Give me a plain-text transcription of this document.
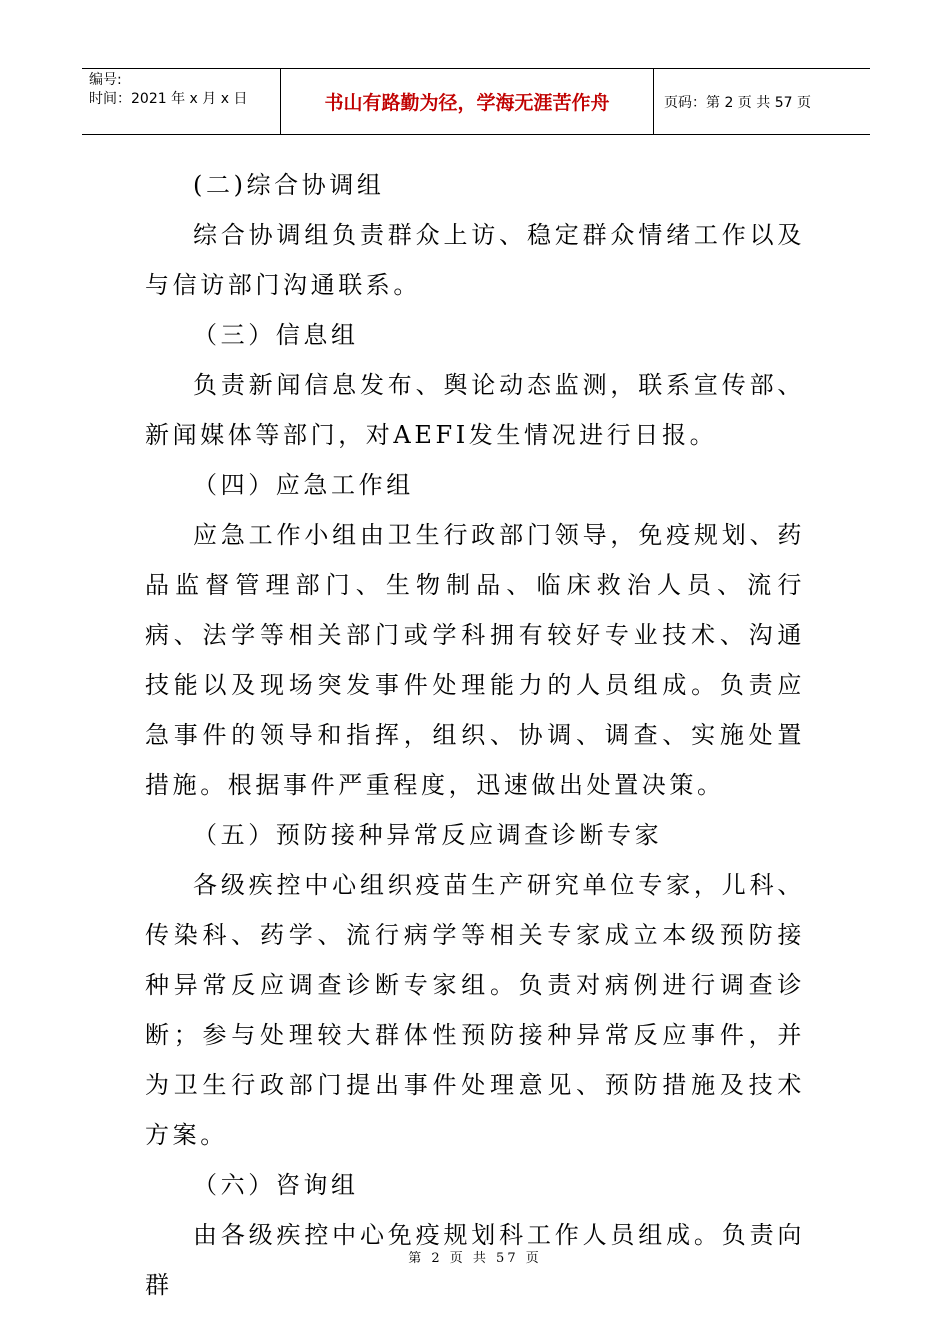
编号:
时间：2021 年 x 月 x 日	书山有路勤为径，学海无涯苦作舟	页码：第 2 页 共 57 页

(二)综合协调组

综合协调组负责群众上访、稳定群众情绪工作以及与信访部门沟通联系。

（三）信息组

负责新闻信息发布、舆论动态监测，联系宣传部、新闻媒体等部门，对AEFI发生情况进行日报。

（四）应急工作组

应急工作小组由卫生行政部门领导，免疫规划、药品监督管理部门、生物制品、临床救治人员、流行病、法学等相关部门或学科拥有较好专业技术、沟通技能以及现场突发事件处理能力的人员组成。负责应急事件的领导和指挥，组织、协调、调查、实施处置措施。根据事件严重程度，迅速做出处置决策。

（五）预防接种异常反应调查诊断专家

各级疾控中心组织疫苗生产研究单位专家，儿科、传染科、药学、流行病学等相关专家成立本级预防接种异常反应调查诊断专家组。负责对病例进行调查诊断；参与处理较大群体性预防接种异常反应事件，并为卫生行政部门提出事件处理意见、预防措施及技术方案。

（六）咨询组

由各级疾控中心免疫规划科工作人员组成。负责向群

第 2 页 共 57 页
